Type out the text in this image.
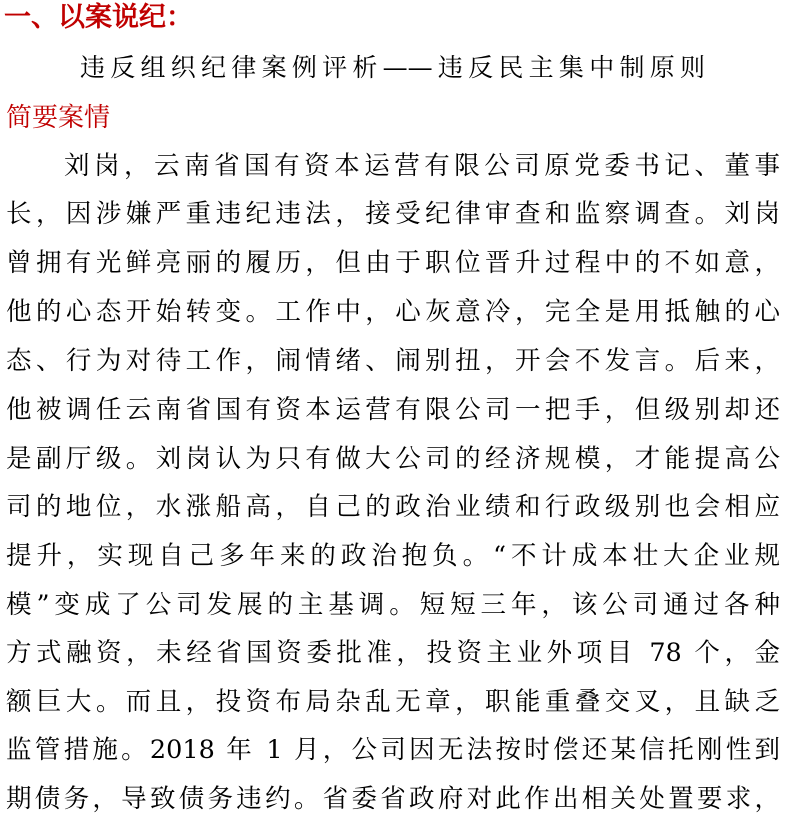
一、以案说纪：
违反组织纪律案例评析——违反民主集中制原则
简要案情
刘岗，云南省国有资本运营有限公司原党委书记、董事
长，因涉嫌严重违纪违法，接受纪律审查和监察调查。刘岗
曾拥有光鲜亮丽的履历，但由于职位晋升过程中的不如意，
他的心态开始转变。工作中，心灰意冷，完全是用抵触的心
态、行为对待工作，闹情绪、闹别扭，开会不发言。后来，
他被调任云南省国有资本运营有限公司一把手，但级别却还
是副厅级。刘岗认为只有做大公司的经济规模，才能提高公
司的地位，水涨船高，自己的政治业绩和行政级别也会相应
提升，实现自己多年来的政治抱负。“不计成本壮大企业规
模”变成了公司发展的主基调。短短三年，该公司通过各种
方式融资，未经省国资委批准，投资主业外项目 78 个，金
额巨大。而且，投资布局杂乱无章，职能重叠交叉，且缺乏
监管措施。2018 年 1 月，公司因无法按时偿还某信托刚性到
期债务，导致债务违约。省委省政府对此作出相关处置要求，
